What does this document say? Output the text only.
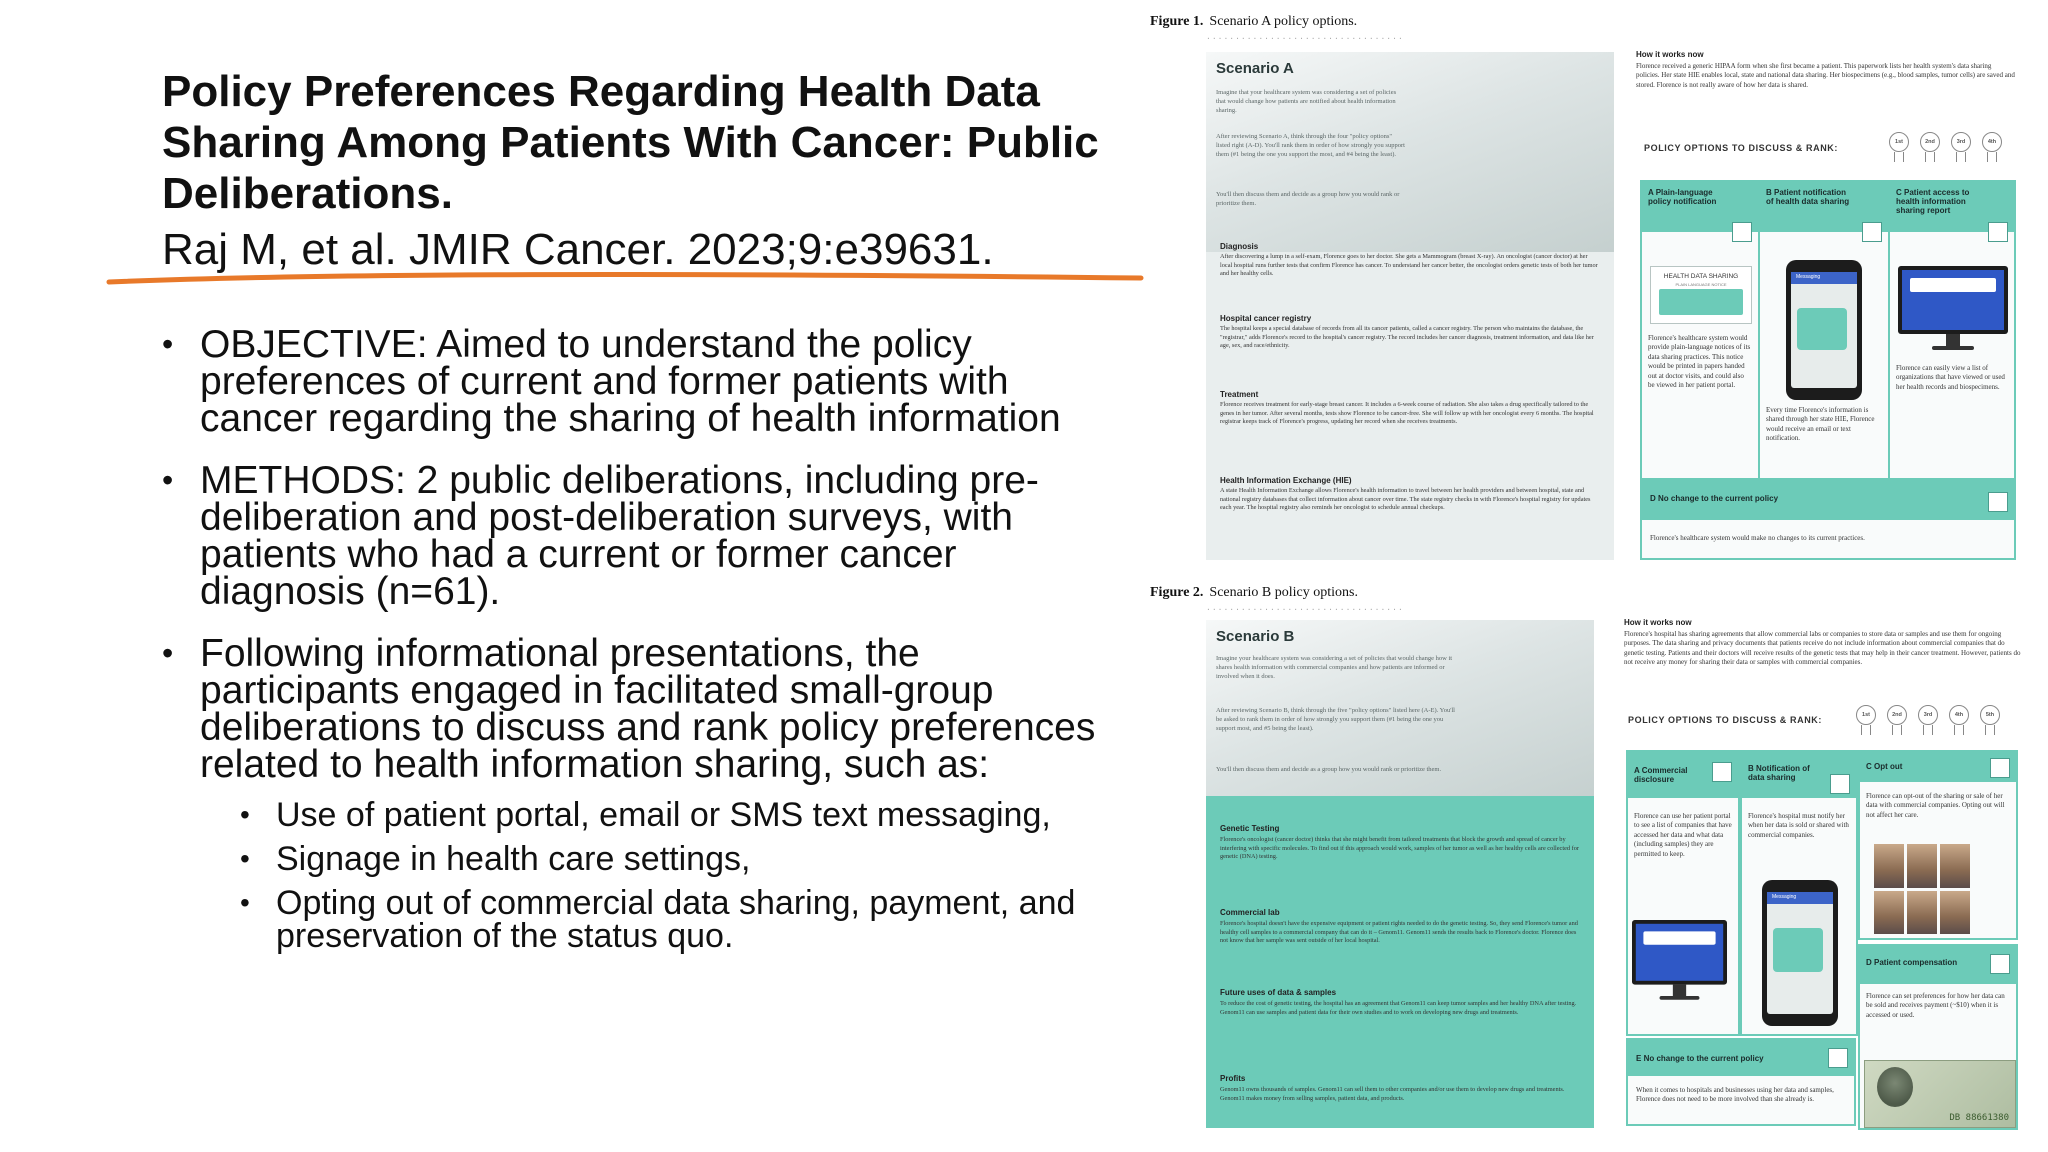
Policy Preferences Regarding Health Data Sharing Among Patients With Cancer: Public Deliberations.
Raj M, et al. JMIR Cancer. 2023;9:e39631.
• OBJECTIVE: Aimed to understand the policy preferences of current and former patients with cancer regarding the sharing of health information
• METHODS: 2 public deliberations, including pre-deliberation and post-deliberation surveys, with patients who had a current or former cancer diagnosis (n=61).
• Following informational presentations, the participants engaged in facilitated small-group deliberations to discuss and rank policy preferences related to health information sharing, such as:
• Use of patient portal, email or SMS text messaging,
• Signage in health care settings,
• Opting out of commercial data sharing, payment, and preservation of the status quo.
Figure 1. Scenario A policy options.
··································
Scenario A
Imagine that your healthcare system was considering a set of policies that would change how patients are notified about health information sharing.
After reviewing Scenario A, think through the four "policy options" listed right (A-D). You'll rank them in order of how strongly you support them (#1 being the one you support the most, and #4 being the least).
You'll then discuss them and decide as a group how you would rank or prioritize them.
Diagnosis
After discovering a lump in a self-exam, Florence goes to her doctor. She gets a Mammogram (breast X-ray). An oncologist (cancer doctor) at her local hospital runs further tests that confirm Florence has cancer. To understand her cancer better, the oncologist orders genetic tests of both her tumor and her healthy cells.
Hospital cancer registry
The hospital keeps a special database of records from all its cancer patients, called a cancer registry. The person who maintains the database, the "registrar," adds Florence's record to the hospital's cancer registry. The record includes her cancer diagnosis, treatment information, and data like her age, sex, and race/ethnicity.
Treatment
Florence receives treatment for early-stage breast cancer. It includes a 6-week course of radiation. She also takes a drug specifically tailored to the genes in her tumor. After several months, tests show Florence to be cancer-free. She will follow up with her oncologist every 6 months. The hospital registrar keeps track of Florence's progress, updating her record when she receives treatments.
Health Information Exchange (HIE)
A state Health Information Exchange allows Florence's health information to travel between her health providers and between hospital, state and national registry databases that collect information about cancer over time. The state registry checks in with Florence's hospital registry for updates each year. The hospital registry also reminds her oncologist to schedule annual checkups.
How it works now
Florence received a generic HIPAA form when she first became a patient. This paperwork lists her health system's data sharing policies. Her state HIE enables local, state and national data sharing. Her biospecimens (e.g., blood samples, tumor cells) are saved and stored. Florence is not really aware of how her data is shared.
POLICY OPTIONS TO DISCUSS & RANK:
1st	2nd	3rd	4th
A Plain-language policy notification
HEALTH DATA SHARING
PLAIN LANGUAGE NOTICE
Florence's healthcare system would provide plain-language notices of its data sharing practices. This notice would be printed in papers handed out at doctor visits, and could also be viewed in her patient portal.
B Patient notification of health data sharing
Messaging
Every time Florence's information is shared through her state HIE, Florence would receive an email or text notification.
C Patient access to health information sharing report
Florence can easily view a list of organizations that have viewed or used her health records and biospecimens.
D No change to the current policy
Florence's healthcare system would make no changes to its current practices.
Figure 2. Scenario B policy options.
··································
Scenario B
Imagine your healthcare system was considering a set of policies that would change how it shares health information with commercial companies and how patients are informed or involved when it does.
After reviewing Scenario B, think through the five "policy options" listed here (A-E). You'll be asked to rank them in order of how strongly you support them (#1 being the one you support most, and #5 being the least).
You'll then discuss them and decide as a group how you would rank or prioritize them.
Genetic Testing
Florence's oncologist (cancer doctor) thinks that she might benefit from tailored treatments that block the growth and spread of cancer by interfering with specific molecules. To find out if this approach would work, samples of her tumor as well as her healthy cells are collected for genetic (DNA) testing.
Commercial lab
Florence's hospital doesn't have the expensive equipment or patient rights needed to do the genetic testing. So, they send Florence's tumor and healthy cell samples to a commercial company that can do it – Genom11. Genom11 sends the results back to Florence's doctor. Florence does not know that her sample was sent outside of her local hospital.
Future uses of data & samples
To reduce the cost of genetic testing, the hospital has an agreement that Genom11 can keep tumor samples and her healthy DNA after testing. Genom11 can use samples and patient data for their own studies and to work on developing new drugs and treatments.
Profits
Genom11 owns thousands of samples. Genom11 can sell them to other companies and/or use them to develop new drugs and treatments. Genom11 makes money from selling samples, patient data, and products.
How it works now
Florence's hospital has sharing agreements that allow commercial labs or companies to store data or samples and use them for ongoing purposes. The data sharing and privacy documents that patients receive do not include information about commercial companies that do genetic testing. Patients and their doctors will receive results of the genetic tests that may help in their cancer treatment. However, patients do not receive any money for sharing their data or samples with commercial companies.
POLICY OPTIONS TO DISCUSS & RANK:	1st	2nd	3rd	4th	5th
A Commercial disclosure
Florence can use her patient portal to see a list of companies that have accessed her data and what data (including samples) they are permitted to keep.
B Notification of data sharing
Florence's hospital must notify her when her data is sold or shared with commercial companies.
Messaging
C Opt out
Florence can opt-out of the sharing or sale of her data with commercial companies. Opting out will not affect her care.
D Patient compensation
Florence can set preferences for how her data can be sold and receives payment (~$10) when it is accessed or used.
DB 88661380
E No change to the current policy
When it comes to hospitals and businesses using her data and samples, Florence does not need to be more involved than she already is.
